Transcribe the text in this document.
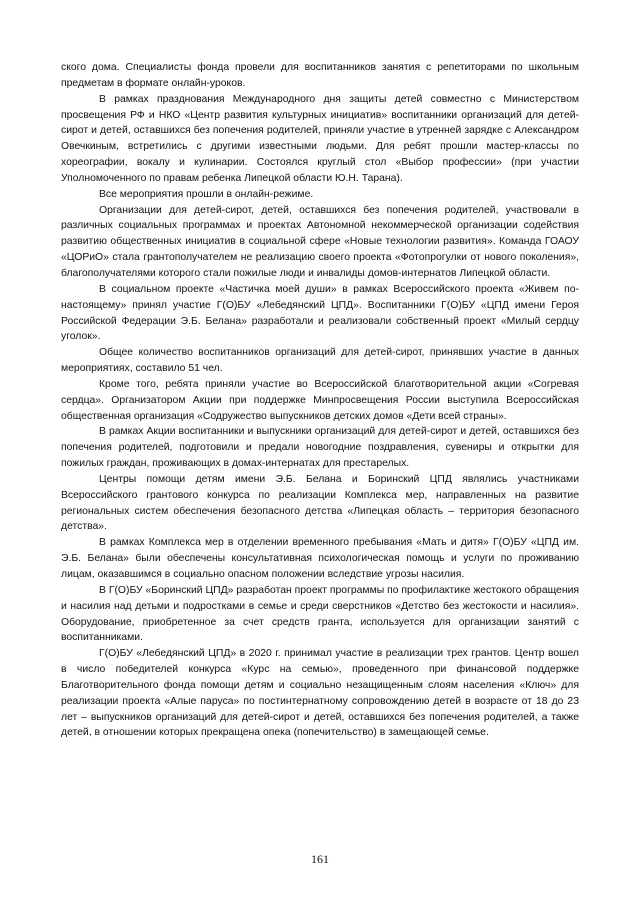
ского дома. Специалисты фонда провели для воспитанников занятия с репетиторами по школьным предметам в формате онлайн-уроков.

В рамках празднования Международного дня защиты детей совместно с Министерством просвещения РФ и НКО «Центр развития культурных инициатив» воспитанники организаций для детей-сирот и детей, оставшихся без попечения родителей, приняли участие в утренней зарядке с Александром Овечкиным, встретились с другими известными людьми. Для ребят прошли мастер-классы по хореографии, вокалу и кулинарии. Состоялся круглый стол «Выбор профессии» (при участии Уполномоченного по правам ребенка Липецкой области Ю.Н. Тарана).

Все мероприятия прошли в онлайн-режиме.

Организации для детей-сирот, детей, оставшихся без попечения родителей, участвовали в различных социальных программах и проектах Автономной некоммерческой организации содействия развитию общественных инициатив в социальной сфере «Новые технологии развития». Команда ГОАОУ «ЦОРиО» стала грантополучателем не реализацию своего проекта «Фотопрогулки от нового поколения», благополучателями которого стали пожилые люди и инвалиды домов-интернатов Липецкой области.

В социальном проекте «Частичка моей души» в рамках Всероссийского проекта «Живем по-настоящему» принял участие Г(О)БУ «Лебедянский ЦПД». Воспитанники Г(О)БУ «ЦПД имени Героя Российской Федерации Э.Б. Белана» разработали и реализовали собственный проект «Милый сердцу уголок».

Общее количество воспитанников организаций для детей-сирот, принявших участие в данных мероприятиях, составило 51 чел.

Кроме того, ребята приняли участие во Всероссийской благотворительной акции «Согревая сердца». Организатором Акции при поддержке Минпросвещения России выступила Всероссийская общественная организация «Содружество выпускников детских домов «Дети всей страны».

В рамках Акции воспитанники и выпускники организаций для детей-сирот и детей, оставшихся без попечения родителей, подготовили и предали новогодние поздравления, сувениры и открытки для пожилых граждан, проживающих в домах-интернатах для престарелых.

Центры помощи детям имени Э.Б. Белана и Боринский ЦПД являлись участниками Всероссийского грантового конкурса по реализации Комплекса мер, направленных на развитие региональных систем обеспечения безопасного детства «Липецкая область – территория безопасного детства».

В рамках Комплекса мер в отделении временного пребывания «Мать и дитя» Г(О)БУ «ЦПД им. Э.Б. Белана» были обеспечены консультативная психологическая помощь и услуги по проживанию лицам, оказавшимся в социально опасном положении вследствие угрозы насилия.

В Г(О)БУ «Боринский ЦПД» разработан проект программы по профилактике жестокого обращения и насилия над детьми и подростками в семье и среди сверстников «Детство без жестокости и насилия». Оборудование, приобретенное за счет средств гранта, используется для организации занятий с воспитанниками.

Г(О)БУ «Лебедянский ЦПД» в 2020 г. принимал участие в реализации трех грантов. Центр вошел в число победителей конкурса «Курс на семью», проведенного при финансовой поддержке Благотворительного фонда помощи детям и социально незащищенным слоям населения «Ключ» для реализации проекта «Алые паруса» по постинтернатному сопровождению детей в возрасте от 18 до 23 лет – выпускников организаций для детей-сирот и детей, оставшихся без попечения родителей, а также детей, в отношении которых прекращена опека (попечительство) в замещающей семье.

161
